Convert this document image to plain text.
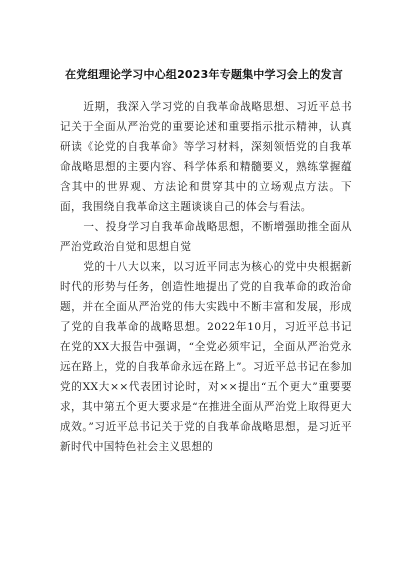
在党组理论学习中心组2023年专题集中学习会上的发言

近期，我深入学习党的自我革命战略思想、习近平总书记关于全面从严治党的重要论述和重要指示批示精神，认真研读《论党的自我革命》等学习材料，深刻领悟党的自我革命战略思想的主要内容、科学体系和精髓要义，熟练掌握蕴含其中的世界观、方法论和贯穿其中的立场观点方法。下面，我围绕自我革命这主题谈谈自己的体会与看法。

一、投身学习自我革命战略思想，不断增强助推全面从严治党政治自觉和思想自觉

党的十八大以来，以习近平同志为核心的党中央根据新时代的形势与任务，创造性地提出了党的自我革命的政治命题，并在全面从严治党的伟大实践中不断丰富和发展，形成了党的自我革命的战略思想。2022年10月，习近平总书记在党的XX大报告中强调，“全党必须牢记，全面从严治党永远在路上，党的自我革命永远在路上”。习近平总书记在参加党的XX大××代表团讨论时，对××提出“五个更大”重要要求，其中第五个更大要求是“在推进全面从严治党上取得更大成效。”习近平总书记关于党的自我革命战略思想，是习近平新时代中国特色社会主义思想的
